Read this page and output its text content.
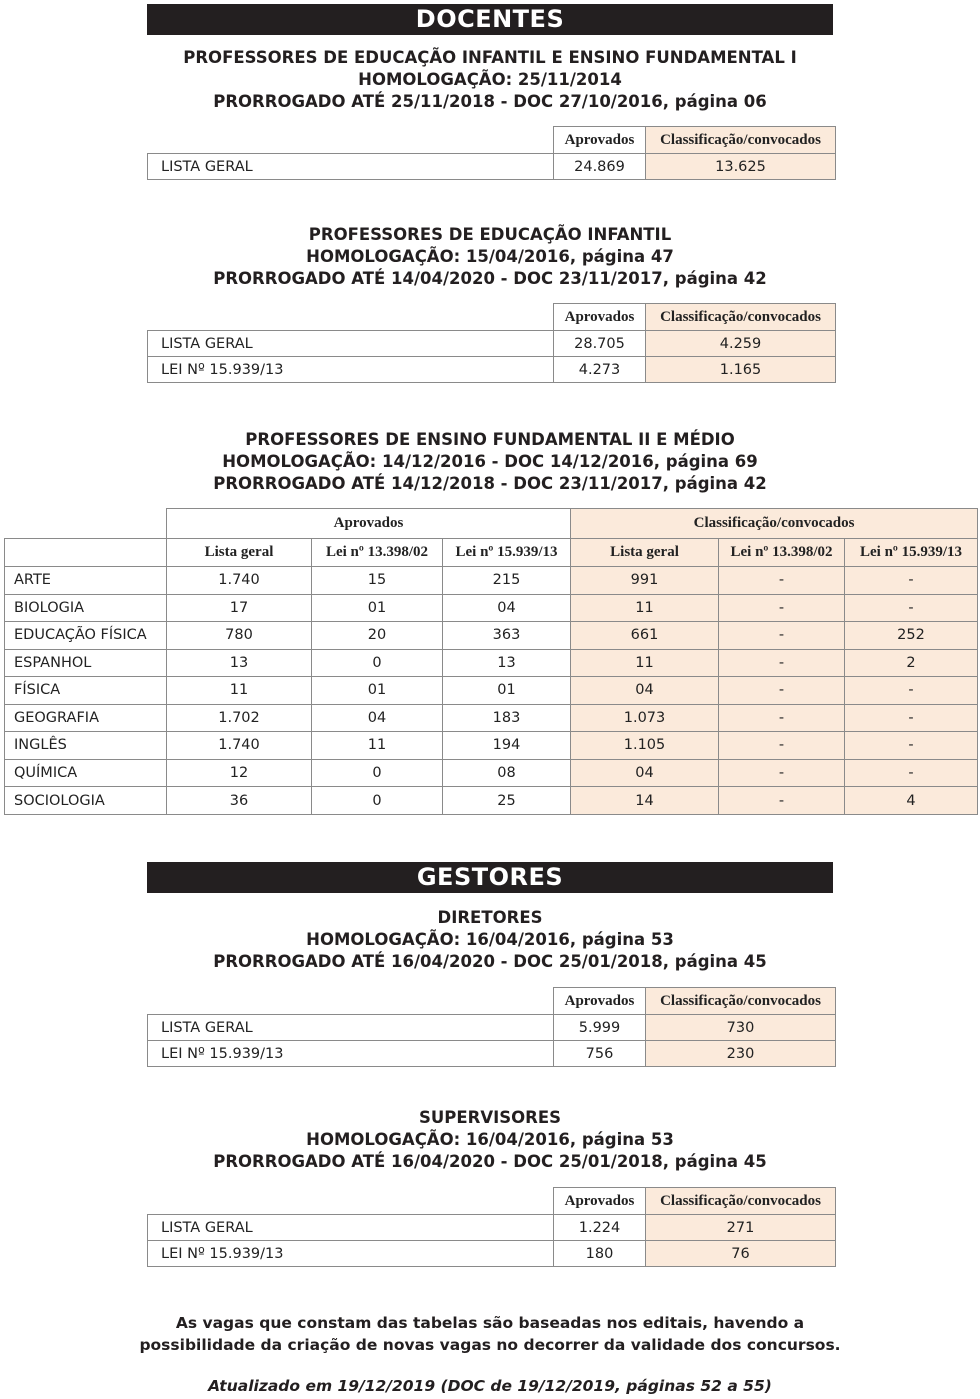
DOCENTES
PROFESSORES DE EDUCAÇÃO INFANTIL E ENSINO FUNDAMENTAL I
HOMOLOGAÇÃO: 25/11/2014
PRORROGADO ATÉ 25/11/2018 - DOC 27/10/2016, página 06
	Aprovados	Classificação/convocados
LISTA GERAL	24.869	13.625
PROFESSORES DE EDUCAÇÃO INFANTIL
HOMOLOGAÇÃO: 15/04/2016, página 47
PRORROGADO ATÉ 14/04/2020 - DOC 23/11/2017, página 42
	Aprovados	Classificação/convocados
LISTA GERAL	28.705	4.259
LEI Nº 15.939/13	4.273	1.165
PROFESSORES DE ENSINO FUNDAMENTAL II E MÉDIO
HOMOLOGAÇÃO: 14/12/2016 - DOC 14/12/2016, página 69
PRORROGADO ATÉ 14/12/2018 - DOC 23/11/2017, página 42
	Aprovados			Classificação/convocados		
	Lista geral	Lei nº 13.398/02	Lei nº 15.939/13	Lista geral	Lei nº 13.398/02	Lei nº 15.939/13
ARTE	1.740	15	215	991	-	-
BIOLOGIA	17	01	04	11	-	-
EDUCAÇÃO FÍSICA	780	20	363	661	-	252
ESPANHOL	13	0	13	11	-	2
FÍSICA	11	01	01	04	-	-
GEOGRAFIA	1.702	04	183	1.073	-	-
INGLÊS	1.740	11	194	1.105	-	-
QUÍMICA	12	0	08	04	-	-
SOCIOLOGIA	36	0	25	14	-	4
GESTORES
DIRETORES
HOMOLOGAÇÃO: 16/04/2016, página 53
PRORROGADO ATÉ 16/04/2020 - DOC 25/01/2018, página 45
	Aprovados	Classificação/convocados
LISTA GERAL	5.999	730
LEI Nº 15.939/13	756	230
SUPERVISORES
HOMOLOGAÇÃO: 16/04/2016, página 53
PRORROGADO ATÉ 16/04/2020 - DOC 25/01/2018, página 45
	Aprovados	Classificação/convocados
LISTA GERAL	1.224	271
LEI Nº 15.939/13	180	76
As vagas que constam das tabelas são baseadas nos editais, havendo a
possibilidade da criação de novas vagas no decorrer da validade dos concursos.
Atualizado em 19/12/2019 (DOC de 19/12/2019, páginas 52 a 55)
